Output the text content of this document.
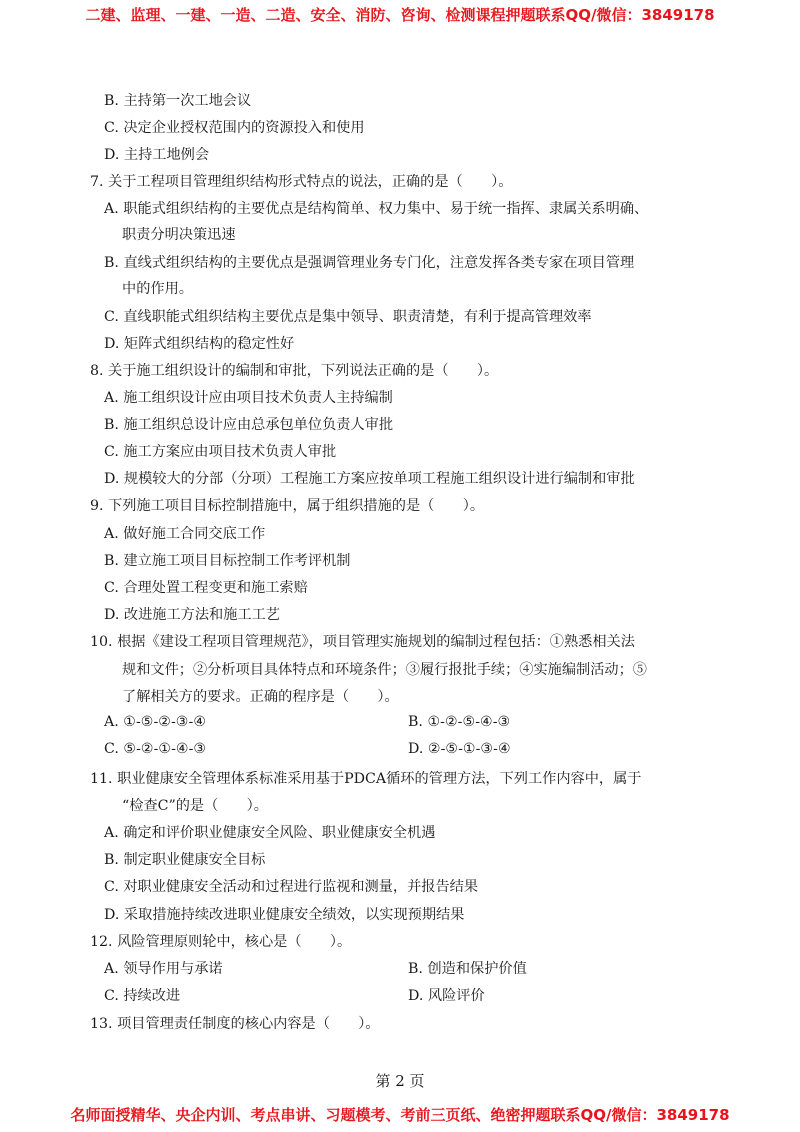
二建、监理、一建、一造、二造、安全、消防、咨询、检测课程押题联系QQ/微信：3849178
B. 主持第一次工地会议
C. 决定企业授权范围内的资源投入和使用
D. 主持工地例会
7. 关于工程项目管理组织结构形式特点的说法，正确的是（　　）。
A. 职能式组织结构的主要优点是结构简单、权力集中、易于统一指挥、隶属关系明确、
职责分明决策迅速
B. 直线式组织结构的主要优点是强调管理业务专门化，注意发挥各类专家在项目管理
中的作用。
C. 直线职能式组织结构主要优点是集中领导、职责清楚，有利于提高管理效率
D. 矩阵式组织结构的稳定性好
8. 关于施工组织设计的编制和审批，下列说法正确的是（　　）。
A. 施工组织设计应由项目技术负责人主持编制
B. 施工组织总设计应由总承包单位负责人审批
C. 施工方案应由项目技术负责人审批
D. 规模较大的分部（分项）工程施工方案应按单项工程施工组织设计进行编制和审批
9. 下列施工项目目标控制措施中，属于组织措施的是（　　）。
A. 做好施工合同交底工作
B. 建立施工项目目标控制工作考评机制
C. 合理处置工程变更和施工索赔
D. 改进施工方法和施工工艺
10. 根据《建设工程项目管理规范》，项目管理实施规划的编制过程包括：①熟悉相关法
规和文件；②分析项目具体特点和环境条件；③履行报批手续；④实施编制活动；⑤
了解相关方的要求。正确的程序是（　　）。
A. ①-⑤-②-③-④	B. ①-②-⑤-④-③
C. ⑤-②-①-④-③	D. ②-⑤-①-③-④
11. 职业健康安全管理体系标准采用基于PDCA循环的管理方法，下列工作内容中，属于
“检查C”的是（　　）。
A. 确定和评价职业健康安全风险、职业健康安全机遇
B. 制定职业健康安全目标
C. 对职业健康安全活动和过程进行监视和测量，并报告结果
D. 采取措施持续改进职业健康安全绩效，以实现预期结果
12. 风险管理原则轮中，核心是（　　）。
A. 领导作用与承诺	B. 创造和保护价值
C. 持续改进	D. 风险评价
13. 项目管理责任制度的核心内容是（　　）。
第 2 页
名师面授精华、央企内训、考点串讲、习题模考、考前三页纸、绝密押题联系QQ/微信：3849178
